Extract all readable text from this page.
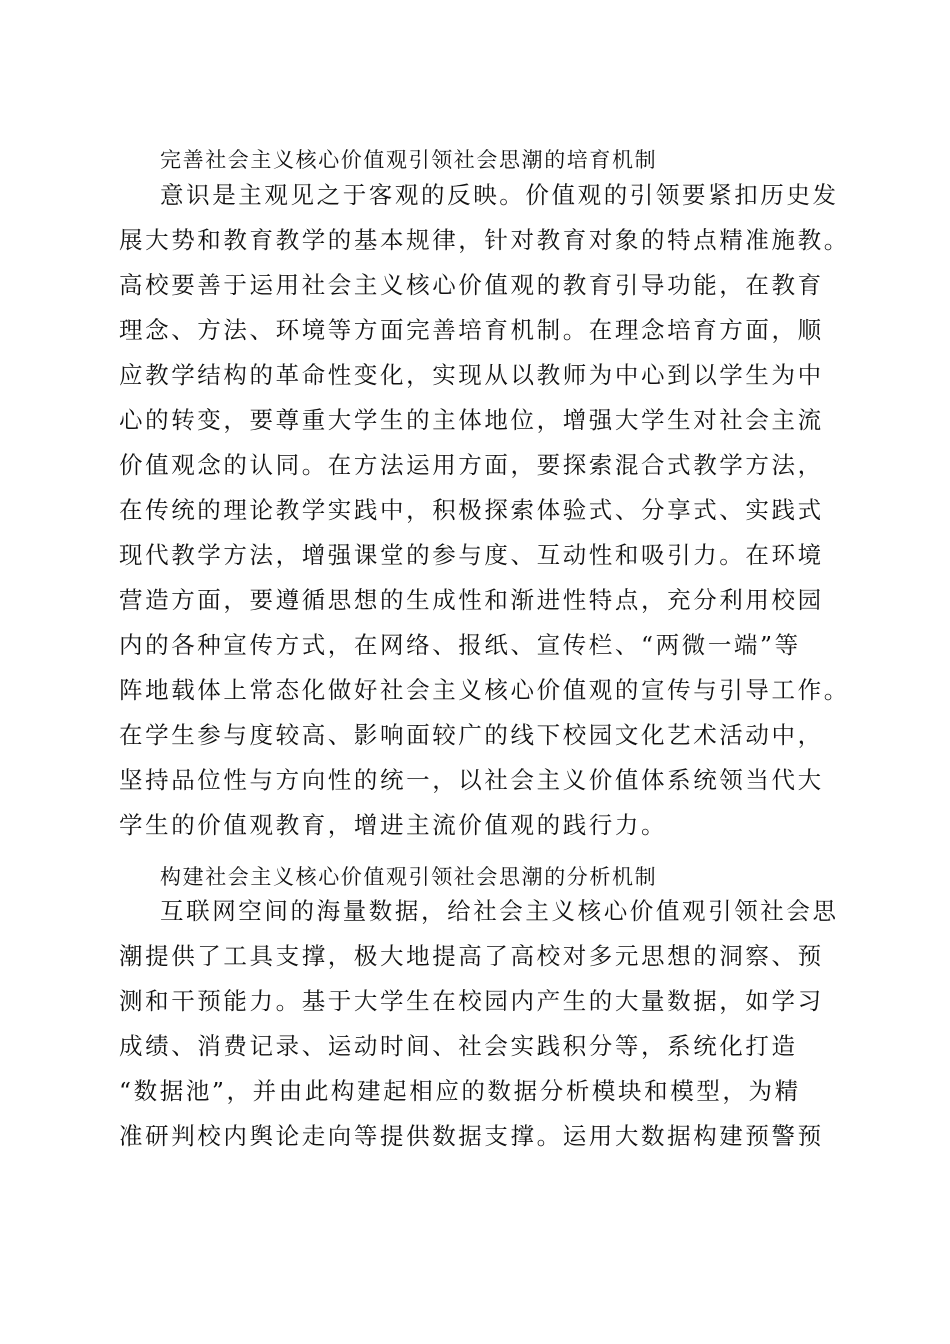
完善社会主义核心价值观引领社会思潮的培育机制
意识是主观见之于客观的反映。价值观的引领要紧扣历史发
展大势和教育教学的基本规律，针对教育对象的特点精准施教。
高校要善于运用社会主义核心价值观的教育引导功能，在教育
理念、方法、环境等方面完善培育机制。在理念培育方面，顺
应教学结构的革命性变化，实现从以教师为中心到以学生为中
心的转变，要尊重大学生的主体地位，增强大学生对社会主流
价值观念的认同。在方法运用方面，要探索混合式教学方法，
在传统的理论教学实践中，积极探索体验式、分享式、实践式
现代教学方法，增强课堂的参与度、互动性和吸引力。在环境
营造方面，要遵循思想的生成性和渐进性特点，充分利用校园
内的各种宣传方式，在网络、报纸、宣传栏、“两微一端”等
阵地载体上常态化做好社会主义核心价值观的宣传与引导工作。
在学生参与度较高、影响面较广的线下校园文化艺术活动中，
坚持品位性与方向性的统一，以社会主义价值体系统领当代大
学生的价值观教育，增进主流价值观的践行力。
构建社会主义核心价值观引领社会思潮的分析机制
互联网空间的海量数据，给社会主义核心价值观引领社会思
潮提供了工具支撑，极大地提高了高校对多元思想的洞察、预
测和干预能力。基于大学生在校园内产生的大量数据，如学习
成绩、消费记录、运动时间、社会实践积分等，系统化打造
“数据池”，并由此构建起相应的数据分析模块和模型，为精
准研判校内舆论走向等提供数据支撑。运用大数据构建预警预
